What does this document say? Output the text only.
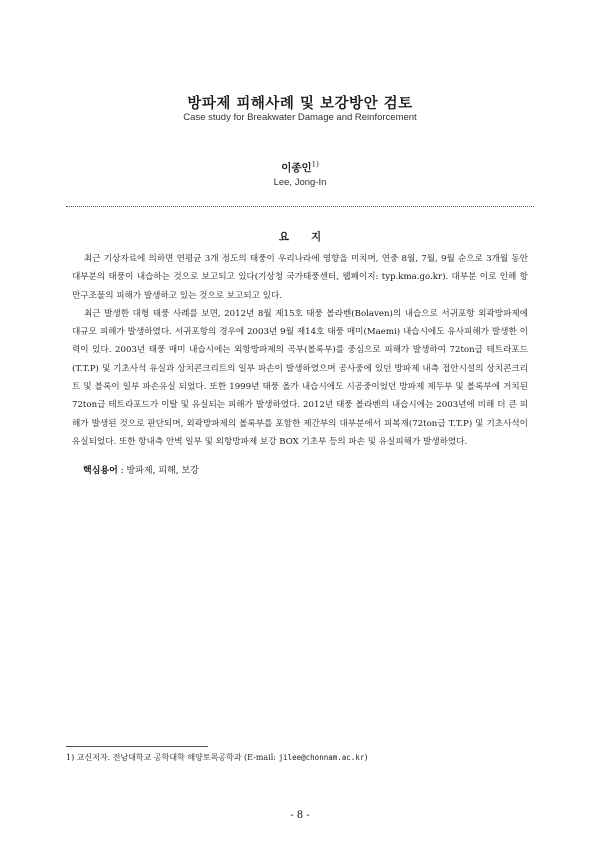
방파제 피해사례 및 보강방안 검토
Case study for Breakwater Damage and Reinforcement
이종인$^{1)}$
Lee, Jong-In
요지

최근 기상자료에 의하면 연평균 3개 정도의 태풍이 우리나라에 영향을 미치며, 연중 8월, 7월, 9월 순으로 3개월 동안 대부분의 태풍이 내습하는 것으로 보고되고 있다(기상청 국가태풍센터, 웹페이지: typ.kma.go.kr). 대부분 이로 인해 항만구조물의 피해가 발생하고 있는 것으로 보고되고 있다.

최근 발생한 대형 태풍 사례를 보면, 2012년 8월 제15호 태풍 볼라벤(Bolaven)의 내습으로 서귀포항 외곽방파제에 대규모 피해가 발생하였다. 서귀포항의 경우에 2003년 9월 제14호 태풍 매미(Maemi) 내습시에도 유사피해가 발생한 이력이 있다. 2003년 태풍 매미 내습시에는 외항방파제의 곡부(볼록부)를 중심으로 피해가 발생하여 72ton급 테트라포드(T.T.P) 및 기초사석 유실과 상치콘크리트의 일부 파손이 발생하였으며 공사중에 있던 방파제 내측 접안시설의 상치콘크리트 및 블록이 일부 파손유실 되었다. 또한 1999년 태풍 올가 내습시에도 시공중이었던 방파제 제두부 및 볼록부에 거치된 72ton급 테트라포드가 이탈 및 유실되는 피해가 발생하였다. 2012년 태풍 볼라벤의 내습시에는 2003년에 비해 더 큰 피해가 발생된 것으로 판단되며, 외곽방파제의 볼록부를 포함한 제간부의 대부분에서 피복재(72ton급 T.T.P) 및 기초사석이 유실되었다. 또한 항내측 안벽 일부 및 외항방파제 보강 BOX 기초부 등의 파손 및 유실피해가 발생하였다.

핵심용어 : 방파제, 피해, 보강
1) 교신저자. 전남대학교 공학대학 해양토목공학과 (E-mail: jilee@chonnam.ac.kr)
- 8 -
